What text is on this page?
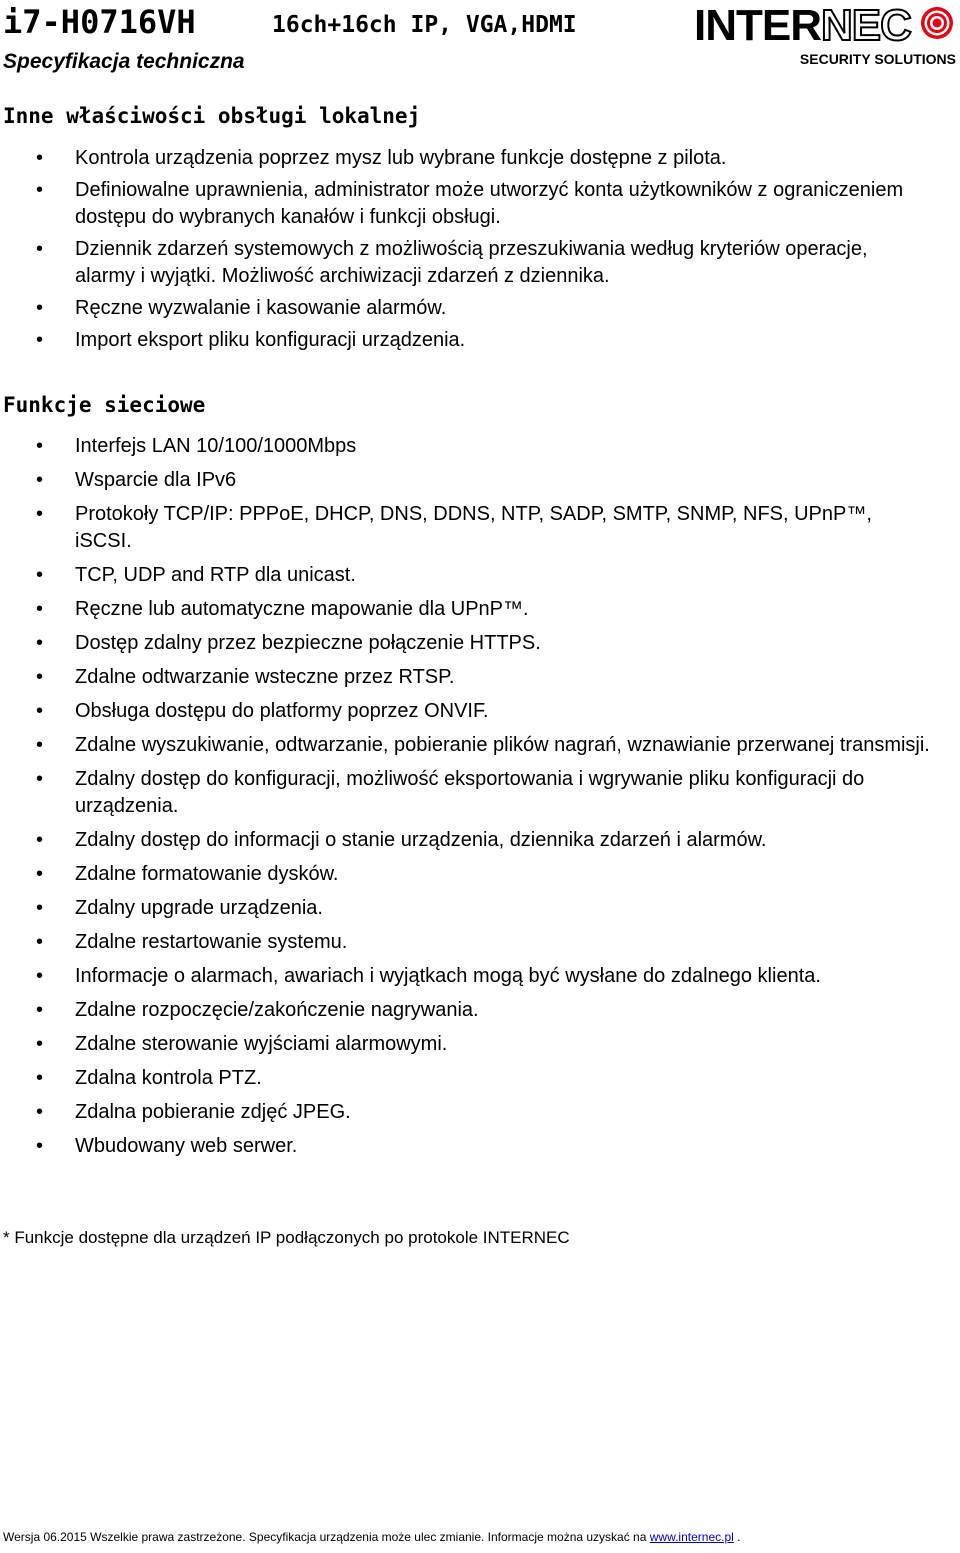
i7-H0716VH	16ch+16ch IP, VGA,HDMI
Specyfikacja techniczna
INTERNEC
SECURITY SOLUTIONS
Inne właściwości obsługi lokalnej
• Kontrola urządzenia poprzez mysz lub wybrane funkcje dostępne z pilota.
• Definiowalne uprawnienia, administrator może utworzyć konta użytkowników z ograniczeniem dostępu do wybranych kanałów i funkcji obsługi.
• Dziennik zdarzeń systemowych z możliwością przeszukiwania według kryteriów operacje, alarmy i wyjątki. Możliwość archiwizacji zdarzeń z dziennika.
• Ręczne wyzwalanie i kasowanie alarmów.
• Import eksport pliku konfiguracji urządzenia.
Funkcje sieciowe
• Interfejs LAN 10/100/1000Mbps
• Wsparcie dla IPv6
• Protokoły TCP/IP: PPPoE, DHCP, DNS, DDNS, NTP, SADP, SMTP, SNMP, NFS, UPnP™, iSCSI.
• TCP, UDP and RTP dla unicast.
• Ręczne lub automatyczne mapowanie dla UPnP™.
• Dostęp zdalny przez bezpieczne połączenie HTTPS.
• Zdalne odtwarzanie wsteczne przez RTSP.
• Obsługa dostępu do platformy poprzez ONVIF.
• Zdalne wyszukiwanie, odtwarzanie, pobieranie plików nagrań, wznawianie przerwanej transmisji.
• Zdalny dostęp do konfiguracji, możliwość eksportowania i wgrywanie pliku konfiguracji do urządzenia.
• Zdalny dostęp do informacji o stanie urządzenia, dziennika zdarzeń i alarmów.
• Zdalne formatowanie dysków.
• Zdalny upgrade urządzenia.
• Zdalne restartowanie systemu.
• Informacje o alarmach, awariach i wyjątkach mogą być wysłane do zdalnego klienta.
• Zdalne rozpoczęcie/zakończenie nagrywania.
• Zdalne sterowanie wyjściami alarmowymi.
• Zdalna kontrola PTZ.
• Zdalna pobieranie zdjęć JPEG.
• Wbudowany web serwer.
* Funkcje dostępne dla urządzeń IP podłączonych po protokole INTERNEC
Wersja 06.2015 Wszelkie prawa zastrzeżone. Specyfikacja urządzenia może ulec zmianie. Informacje można uzyskać na www.internec.pl .
